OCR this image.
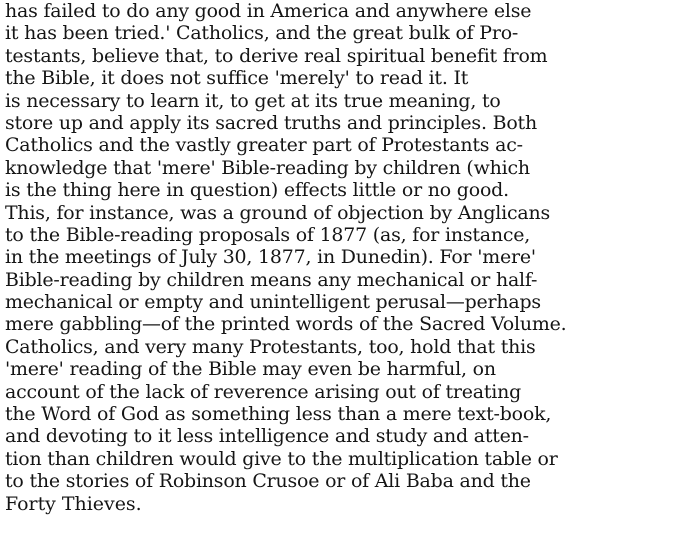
has failed to do any good in America and anywhere else
it has been tried.' Catholics, and the great bulk of Pro-
testants, believe that, to derive real spiritual benefit from
the Bible, it does not suffice 'merely' to read it. It
is necessary to learn it, to get at its true meaning, to
store up and apply its sacred truths and principles. Both
Catholics and the vastly greater part of Protestants ac-
knowledge that 'mere' Bible-reading by children (which
is the thing here in question) effects little or no good.
This, for instance, was a ground of objection by Anglicans
to the Bible-reading proposals of 1877 (as, for instance,
in the meetings of July 30, 1877, in Dunedin). For 'mere'
Bible-reading by children means any mechanical or half-
mechanical or empty and unintelligent perusal—perhaps
mere gabbling—of the printed words of the Sacred Volume.
Catholics, and very many Protestants, too, hold that this
'mere' reading of the Bible may even be harmful, on
account of the lack of reverence arising out of treating
the Word of God as something less than a mere text-book,
and devoting to it less intelligence and study and atten-
tion than children would give to the multiplication table or
to the stories of Robinson Crusoe or of Ali Baba and the
Forty Thieves.
